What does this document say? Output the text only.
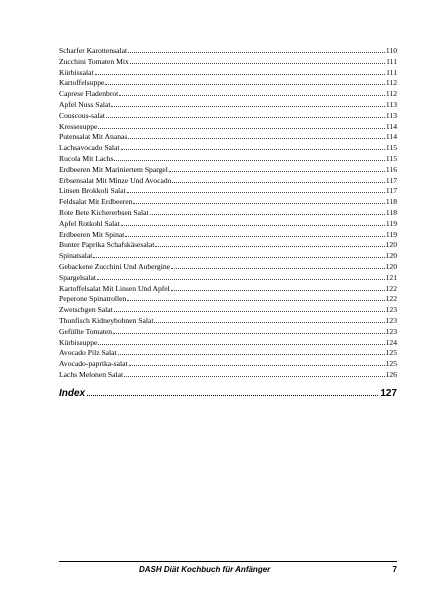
Scharfer Karottensalat	110
Zucchini Tomaten Mix	111
Kürbissalat	111
Kartoffelsuppe	112
Caprese Fladenbrot	112
Apfel Nuss Salat	113
Couscous-salat	113
Kressesuppe	114
Putensalat Mit Ananas	114
Lachsavocado Salat	115
Rucola Mit Lachs	115
Erdbeeren Mit Mariniertem Spargel	116
Erbsensalat Mit Minze Und Avocado	117
Linsen Brokkoli Salat	117
Feldsalat Mit Erdbeeren	118
Rote Bete Kichererbsen Salat	118
Apfel Rotkohl Salat	119
Erdbeeren Mit Spinat	119
Bunter Paprika Schafskäsesalat	120
Spinatsalat	120
Gebackene Zucchini Und Aubergine	120
Spargelsalat	121
Kartoffelsalat Mit Linsen Und Apfel	122
Peperone Spinatrollen	122
Zwetschgen Salat	123
Thunfisch Kidneybohnen Salat	123
Gefüllte Tomaten	123
Kürbissuppe	124
Avocado Pilz Salat	125
Avocado-paprika-salat	125
Lachs Melonen Salat	126
Index	127
DASH Diät Kochbuch für Anfänger	7
